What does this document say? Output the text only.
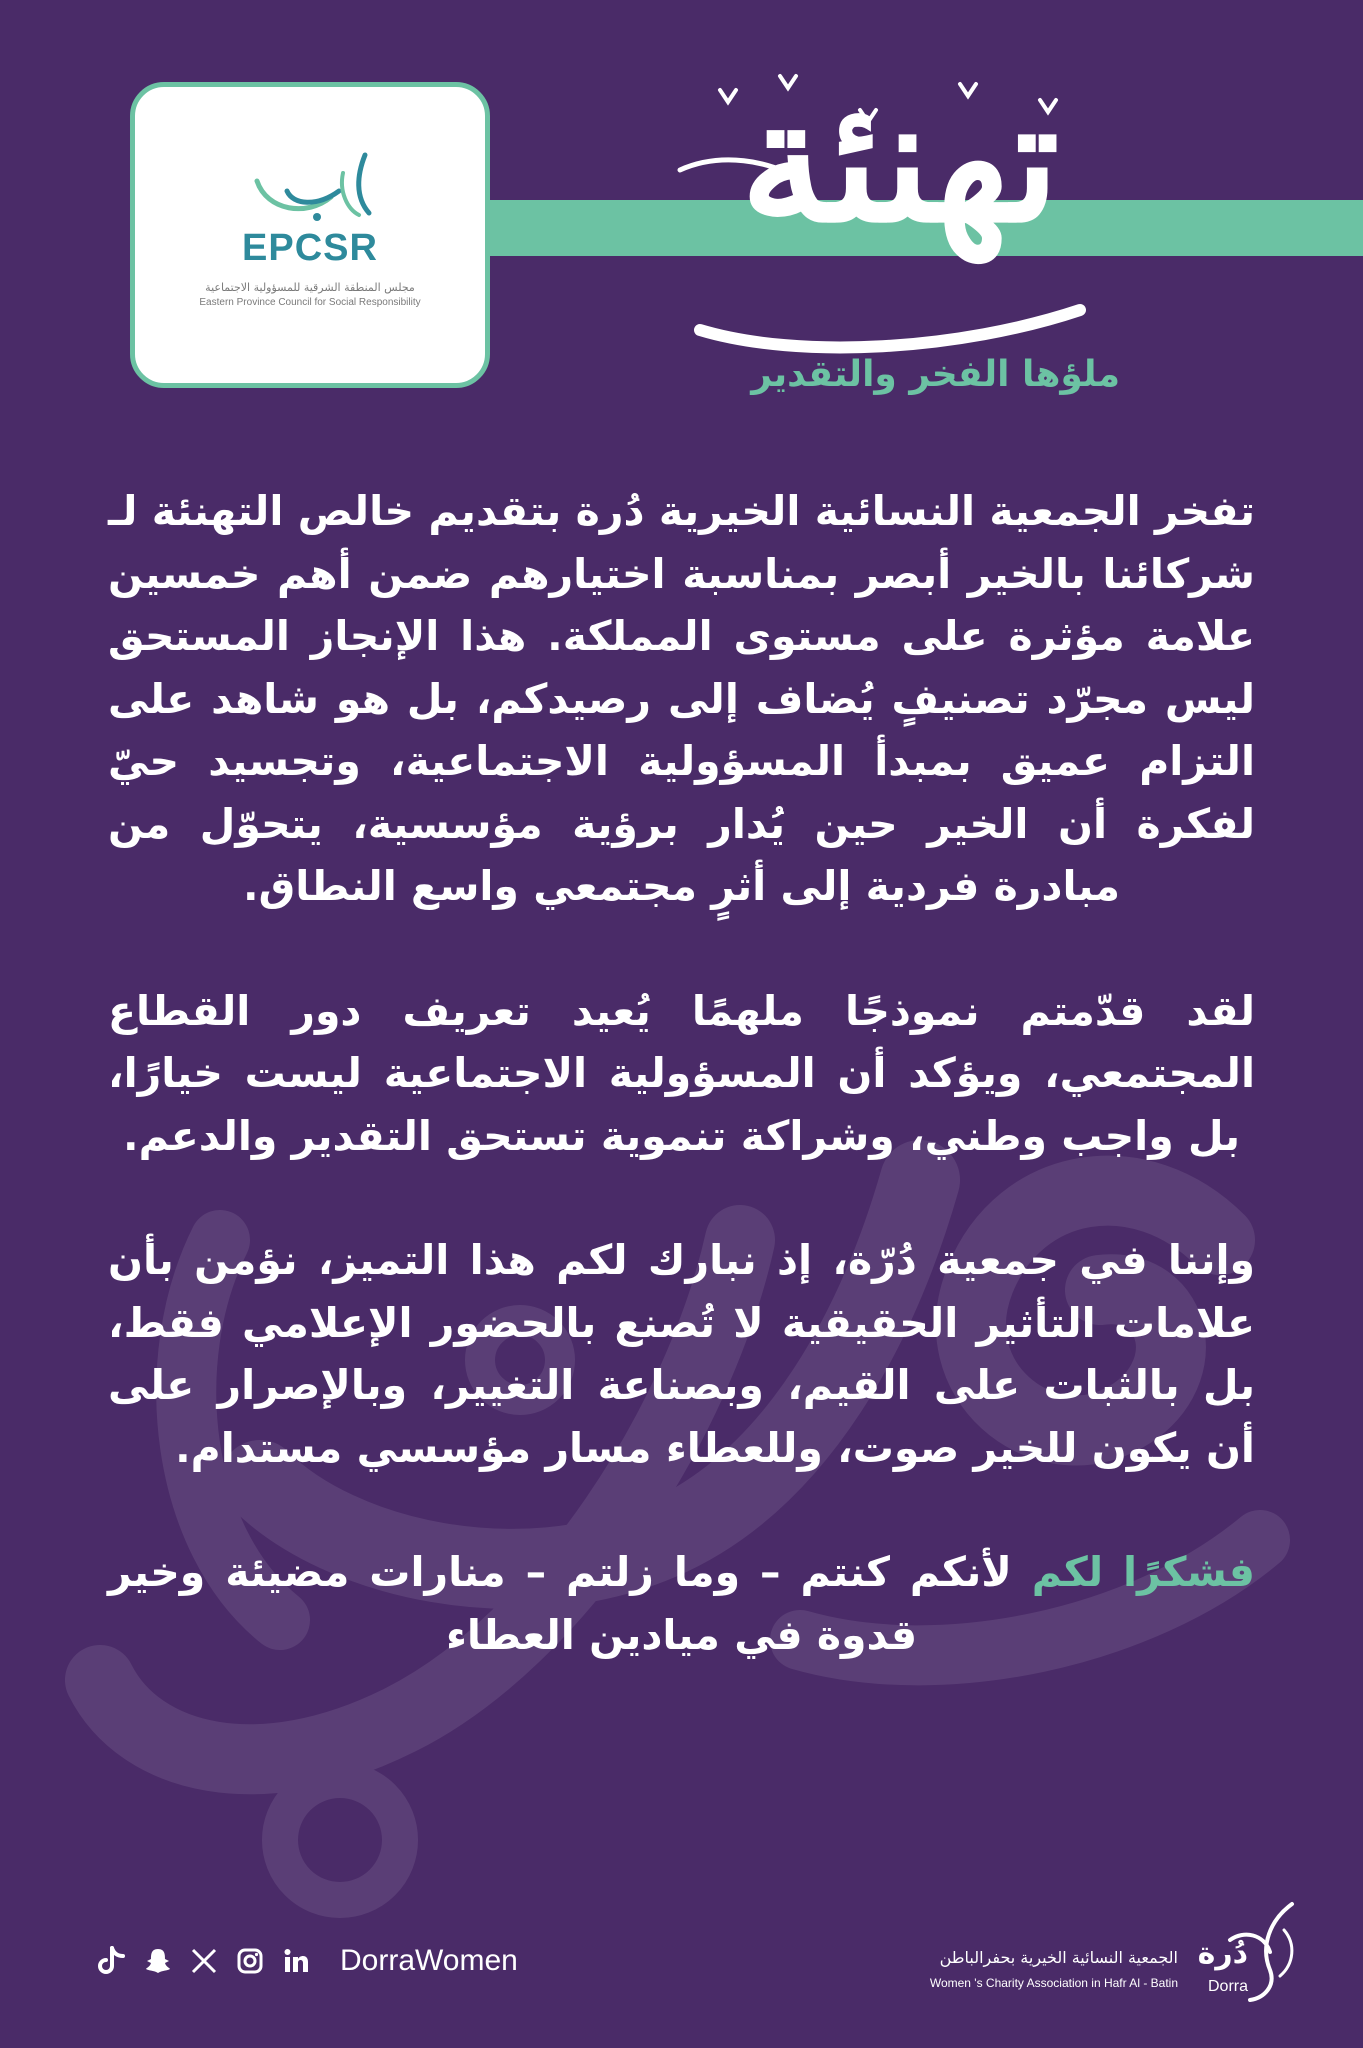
EPCSR
مجلس المنطقة الشرقية للمسؤولية الاجتماعية
Eastern Province Council for Social Responsibility
تهنئة
ملؤها الفخر والتقدير

تفخر الجمعية النسائية الخيرية دُرة بتقديم خالص التهنئة لـ شركائنا بالخير أبصر بمناسبة اختيارهم ضمن أهم خمسين علامة مؤثرة على مستوى المملكة. هذا الإنجاز المستحق ليس مجرّد تصنيفٍ يُضاف إلى رصيدكم، بل هو شاهد على التزام عميق بمبدأ المسؤولية الاجتماعية، وتجسيد حيّ لفكرة أن الخير حين يُدار برؤية مؤسسية، يتحوّل من مبادرة فردية إلى أثرٍ مجتمعي واسع النطاق.

لقد قدّمتم نموذجًا ملهمًا يُعيد تعريف دور القطاع المجتمعي، ويؤكد أن المسؤولية الاجتماعية ليست خيارًا، بل واجب وطني، وشراكة تنموية تستحق التقدير والدعم.

وإننا في جمعية دُرّة، إذ نبارك لكم هذا التميز، نؤمن بأن علامات التأثير الحقيقية لا تُصنع بالحضور الإعلامي فقط، بل بالثبات على القيم، وبصناعة التغيير، وبالإصرار على أن يكون للخير صوت، وللعطاء مسار مؤسسي مستدام.

فشكرًا لكم لأنكم كنتم – وما زلتم – منارات مضيئة وخير قدوة في ميادين العطاء

DorraWomen	الجمعية النسائية الخيرية بحفرالباطن
Women 's Charity Association in Hafr Al - Batin
دُرة
Dorra
